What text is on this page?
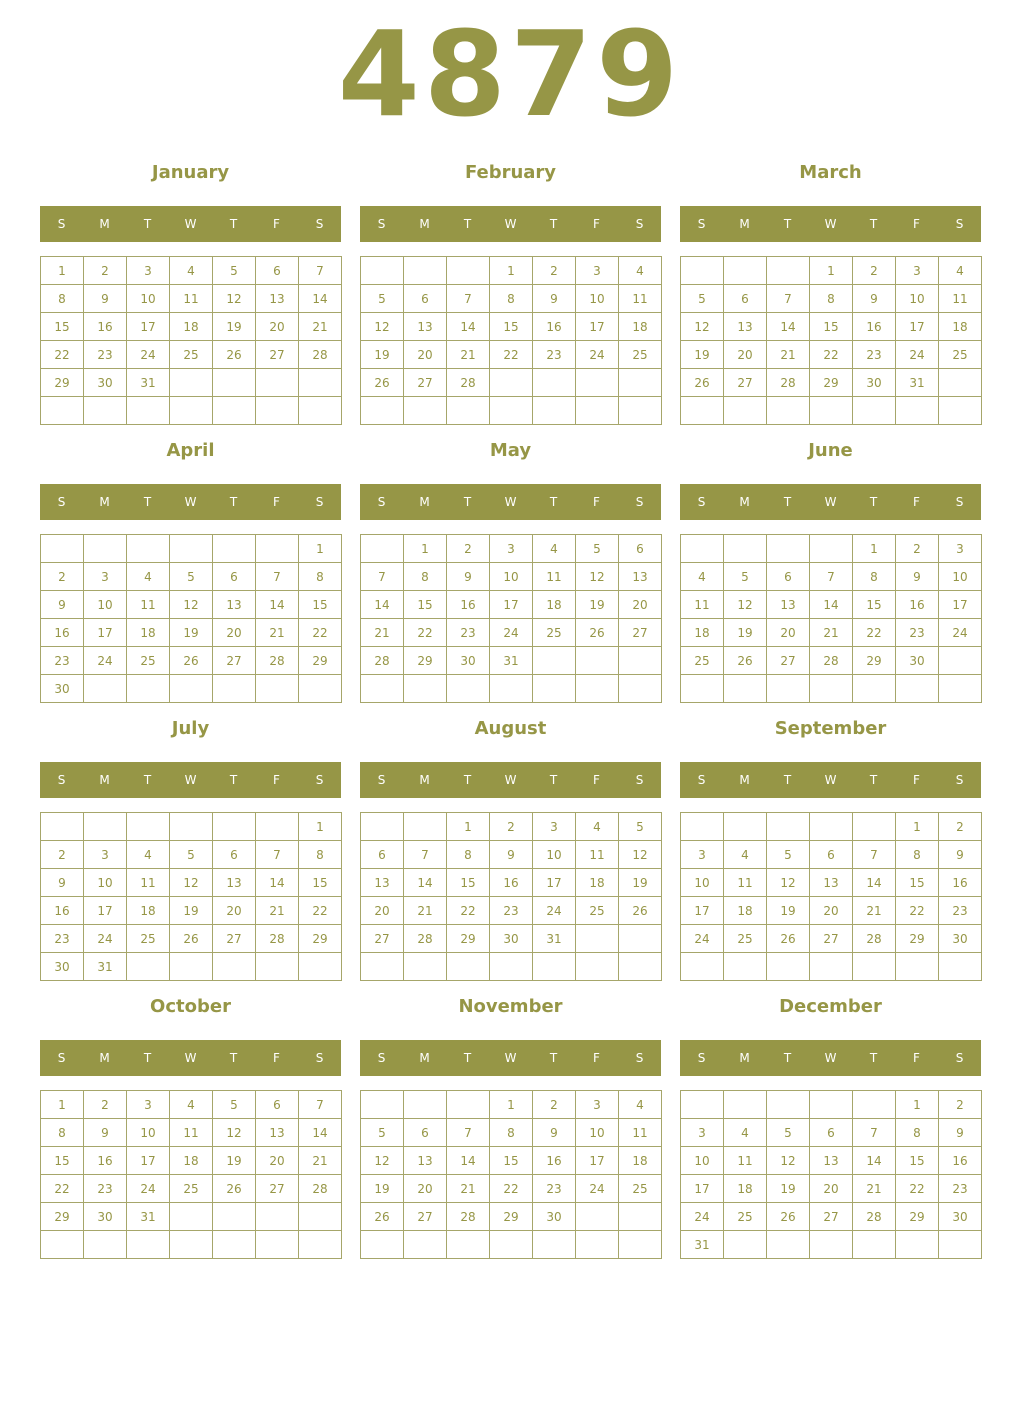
4879
January
S	M	T	W	T	F	S
1	2	3	4	5	6	7
8	9	10	11	12	13	14
15	16	17	18	19	20	21
22	23	24	25	26	27	28
29	30	31				

February
S	M	T	W	T	F	S
			1	2	3	4
5	6	7	8	9	10	11
12	13	14	15	16	17	18
19	20	21	22	23	24	25
26	27	28				

March
S	M	T	W	T	F	S
			1	2	3	4
5	6	7	8	9	10	11
12	13	14	15	16	17	18
19	20	21	22	23	24	25
26	27	28	29	30	31	

April
S	M	T	W	T	F	S
						1
2	3	4	5	6	7	8
9	10	11	12	13	14	15
16	17	18	19	20	21	22
23	24	25	26	27	28	29
30						
May
S	M	T	W	T	F	S
	1	2	3	4	5	6
7	8	9	10	11	12	13
14	15	16	17	18	19	20
21	22	23	24	25	26	27
28	29	30	31			

June
S	M	T	W	T	F	S
				1	2	3
4	5	6	7	8	9	10
11	12	13	14	15	16	17
18	19	20	21	22	23	24
25	26	27	28	29	30	

July
S	M	T	W	T	F	S
						1
2	3	4	5	6	7	8
9	10	11	12	13	14	15
16	17	18	19	20	21	22
23	24	25	26	27	28	29
30	31					
August
S	M	T	W	T	F	S
		1	2	3	4	5
6	7	8	9	10	11	12
13	14	15	16	17	18	19
20	21	22	23	24	25	26
27	28	29	30	31		

September
S	M	T	W	T	F	S
					1	2
3	4	5	6	7	8	9
10	11	12	13	14	15	16
17	18	19	20	21	22	23
24	25	26	27	28	29	30

October
S	M	T	W	T	F	S
1	2	3	4	5	6	7
8	9	10	11	12	13	14
15	16	17	18	19	20	21
22	23	24	25	26	27	28
29	30	31				

November
S	M	T	W	T	F	S
			1	2	3	4
5	6	7	8	9	10	11
12	13	14	15	16	17	18
19	20	21	22	23	24	25
26	27	28	29	30		

December
S	M	T	W	T	F	S
					1	2
3	4	5	6	7	8	9
10	11	12	13	14	15	16
17	18	19	20	21	22	23
24	25	26	27	28	29	30
31						
